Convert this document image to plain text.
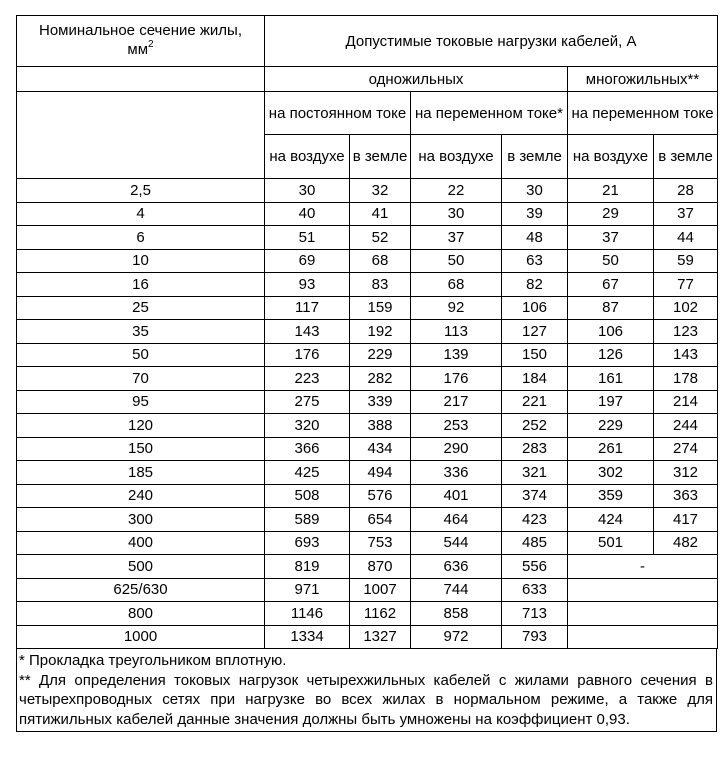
Номинальное сечение жилы,
$мм^2$	Допустимые токовые нагрузки кабелей, А					
	одножильных				многожильных**	
	на постоянном токе		на переменном токе*		на переменном токе	
	на воздухе	в земле	на воздухе	в земле	на воздухе	в земле
2,5	30	32	22	30	21	28
4	40	41	30	39	29	37
6	51	52	37	48	37	44
10	69	68	50	63	50	59
16	93	83	68	82	67	77
25	117	159	92	106	87	102
35	143	192	113	127	106	123
50	176	229	139	150	126	143
70	223	282	176	184	161	178
95	275	339	217	221	197	214
120	320	388	253	252	229	244
150	366	434	290	283	261	274
185	425	494	336	321	302	312
240	508	576	401	374	359	363
300	589	654	464	423	424	417
400	693	753	544	485	501	482
500	819	870	636	556	-	
625/630	971	1007	744	633		
800	1146	1162	858	713		
1000	1334	1327	972	793		

* Прокладка треугольником вплотную.

** Для определения токовых нагрузок четырехжильных кабелей с жилами равного сечения в четырехпроводных сетях при нагрузке во всех жилах в нормальном режиме, а также для пятижильных кабелей данные значения должны быть умножены на коэффициент 0,93.
